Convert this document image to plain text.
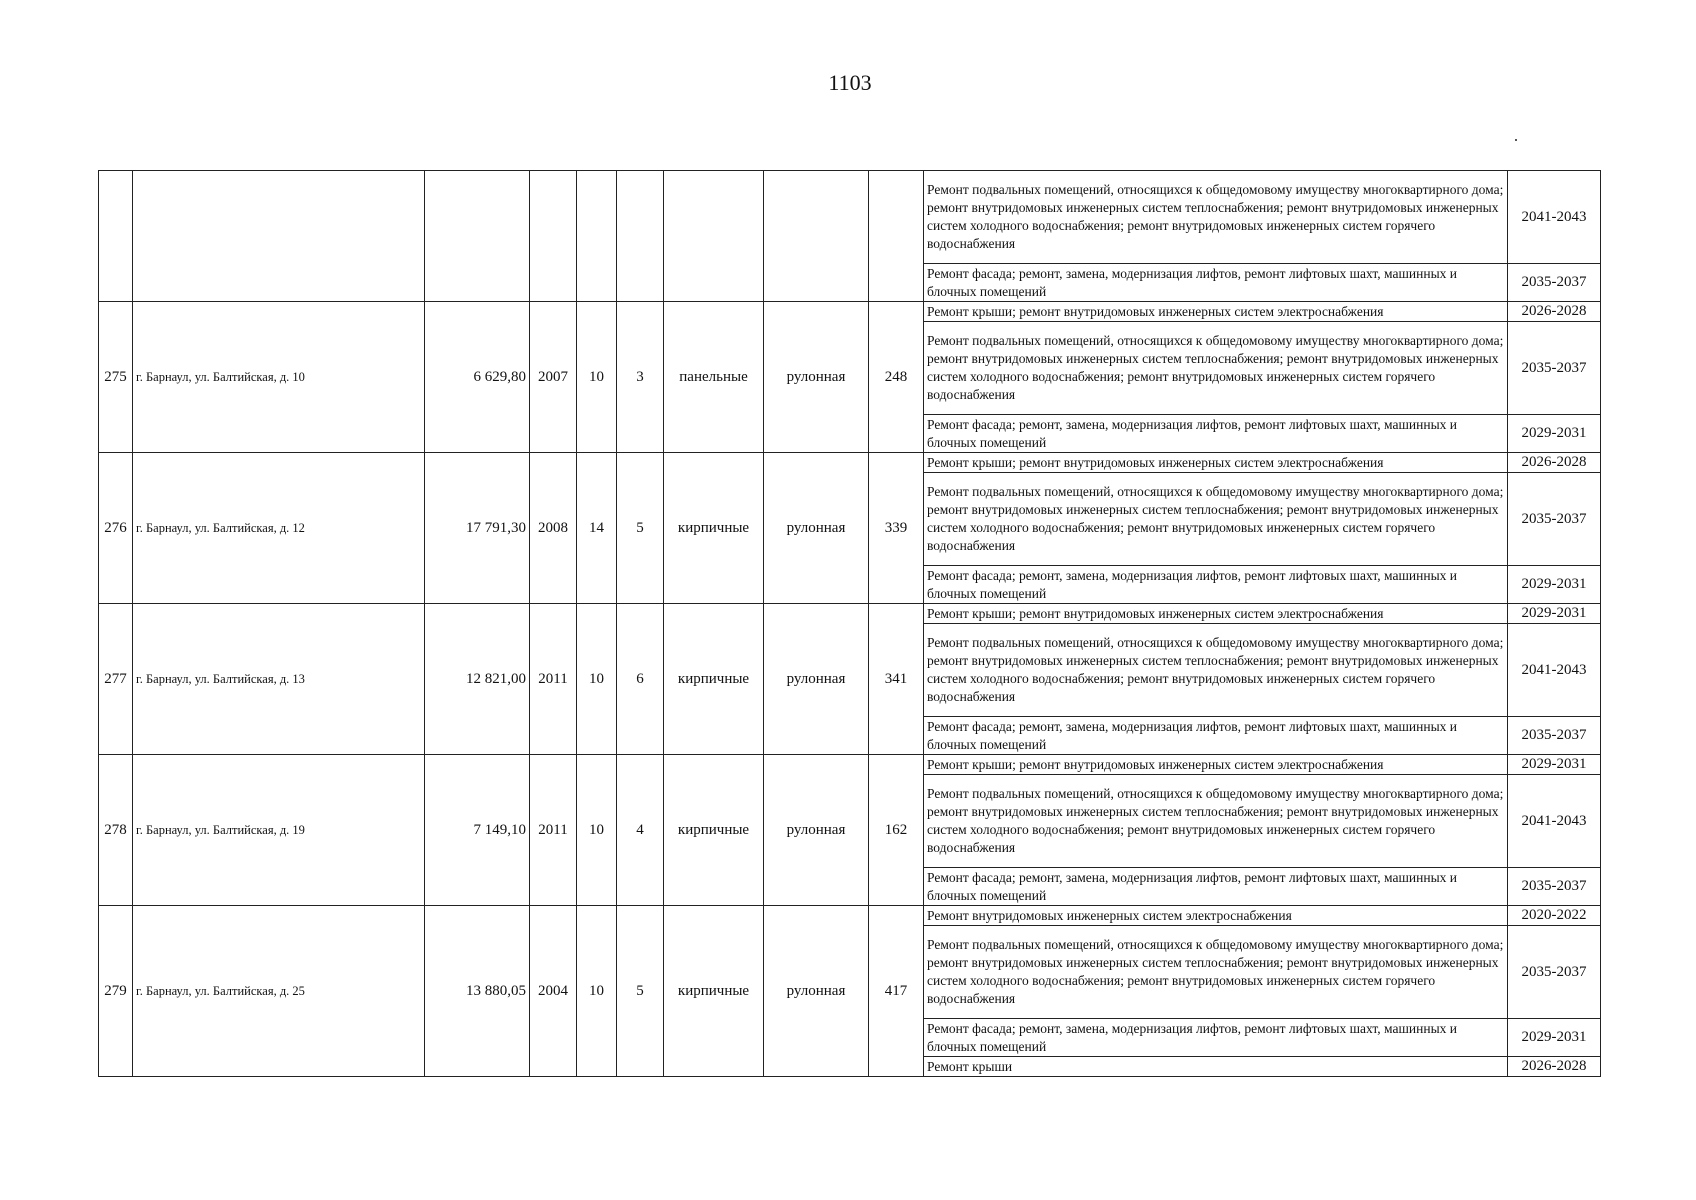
1103
									Ремонт подвальных помещений, относящихся к общедомовому имуществу многоквартирного дома; ремонт внутридомовых инженерных систем теплоснабжения; ремонт внутридомовых инженерных систем холодного водоснабжения; ремонт внутридомовых инженерных систем горячего водоснабжения	2041-2043
									Ремонт фасада; ремонт, замена, модернизация лифтов, ремонт лифтовых шахт, машинных и блочных помещений	2035-2037
275	г. Барнаул, ул. Балтийская, д. 10	6 629,80	2007	10	3	панельные	рулонная	248	Ремонт крыши; ремонт внутридомовых инженерных систем электроснабжения	2026-2028
									Ремонт подвальных помещений, относящихся к общедомовому имуществу многоквартирного дома; ремонт внутридомовых инженерных систем теплоснабжения; ремонт внутридомовых инженерных систем холодного водоснабжения; ремонт внутридомовых инженерных систем горячего водоснабжения	2035-2037
									Ремонт фасада; ремонт, замена, модернизация лифтов, ремонт лифтовых шахт, машинных и блочных помещений	2029-2031
276	г. Барнаул, ул. Балтийская, д. 12	17 791,30	2008	14	5	кирпичные	рулонная	339	Ремонт крыши; ремонт внутридомовых инженерных систем электроснабжения	2026-2028
									Ремонт подвальных помещений, относящихся к общедомовому имуществу многоквартирного дома; ремонт внутридомовых инженерных систем теплоснабжения; ремонт внутридомовых инженерных систем холодного водоснабжения; ремонт внутридомовых инженерных систем горячего водоснабжения	2035-2037
									Ремонт фасада; ремонт, замена, модернизация лифтов, ремонт лифтовых шахт, машинных и блочных помещений	2029-2031
277	г. Барнаул, ул. Балтийская, д. 13	12 821,00	2011	10	6	кирпичные	рулонная	341	Ремонт крыши; ремонт внутридомовых инженерных систем электроснабжения	2029-2031
									Ремонт подвальных помещений, относящихся к общедомовому имуществу многоквартирного дома; ремонт внутридомовых инженерных систем теплоснабжения; ремонт внутридомовых инженерных систем холодного водоснабжения; ремонт внутридомовых инженерных систем горячего водоснабжения	2041-2043
									Ремонт фасада; ремонт, замена, модернизация лифтов, ремонт лифтовых шахт, машинных и блочных помещений	2035-2037
278	г. Барнаул, ул. Балтийская, д. 19	7 149,10	2011	10	4	кирпичные	рулонная	162	Ремонт крыши; ремонт внутридомовых инженерных систем электроснабжения	2029-2031
									Ремонт подвальных помещений, относящихся к общедомовому имуществу многоквартирного дома; ремонт внутридомовых инженерных систем теплоснабжения; ремонт внутридомовых инженерных систем холодного водоснабжения; ремонт внутридомовых инженерных систем горячего водоснабжения	2041-2043
									Ремонт фасада; ремонт, замена, модернизация лифтов, ремонт лифтовых шахт, машинных и блочных помещений	2035-2037
279	г. Барнаул, ул. Балтийская, д. 25	13 880,05	2004	10	5	кирпичные	рулонная	417	Ремонт внутридомовых инженерных систем электроснабжения	2020-2022
									Ремонт подвальных помещений, относящихся к общедомовому имуществу многоквартирного дома; ремонт внутридомовых инженерных систем теплоснабжения; ремонт внутридомовых инженерных систем холодного водоснабжения; ремонт внутридомовых инженерных систем горячего водоснабжения	2035-2037
									Ремонт фасада; ремонт, замена, модернизация лифтов, ремонт лифтовых шахт, машинных и блочных помещений	2029-2031
									Ремонт крыши	2026-2028
